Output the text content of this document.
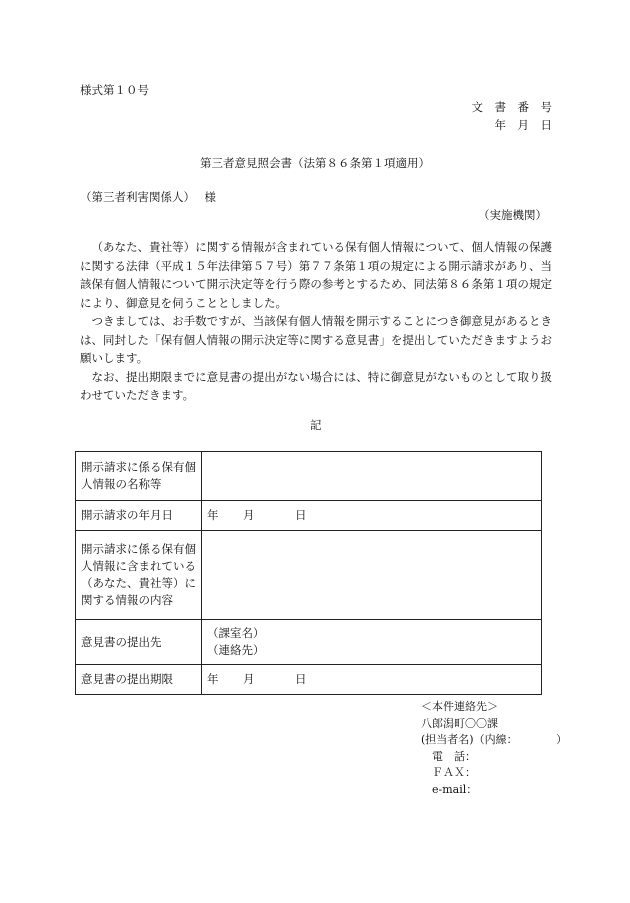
様式第１０号
文　書　番　号
年　月　日
第三者意見照会書（法第８６条第１項適用）
（第三者利害関係人）　 様
（実施機関）

（あなた、貴社等）に関する情報が含まれている保有個人情報について、個人情報の保護に関する法律（平成１５年法律第５７号）第７７条第１項の規定による開示請求があり、当該保有個人情報について開示決定等を行う際の参考とするため、同法第８６条第１項の規定により、御意見を伺うこととしました。

つきましては、お手数ですが、当該保有個人情報を開示することにつき御意見があるときは、同封した「保有個人情報の開示決定等に関する意見書」を提出していただきますようお願いします。

なお、提出期限までに意見書の提出がない場合には、特に御意見がないものとして取り扱わせていただきます。

記
開示請求に係る保有個人情報の名称等	
開示請求の年月日	年 月 日
開示請求に係る保有個人情報に含まれている（あなた、貴社等）に関する情報の内容	
意見書の提出先	（課室名）
（連絡先）

意見書の提出期限	年 月 日
＜本件連絡先＞
八郎潟町〇〇課
(担当者名)（内線：　　　　）
　電　話：
　ＦＡＸ：
　e-mail：
